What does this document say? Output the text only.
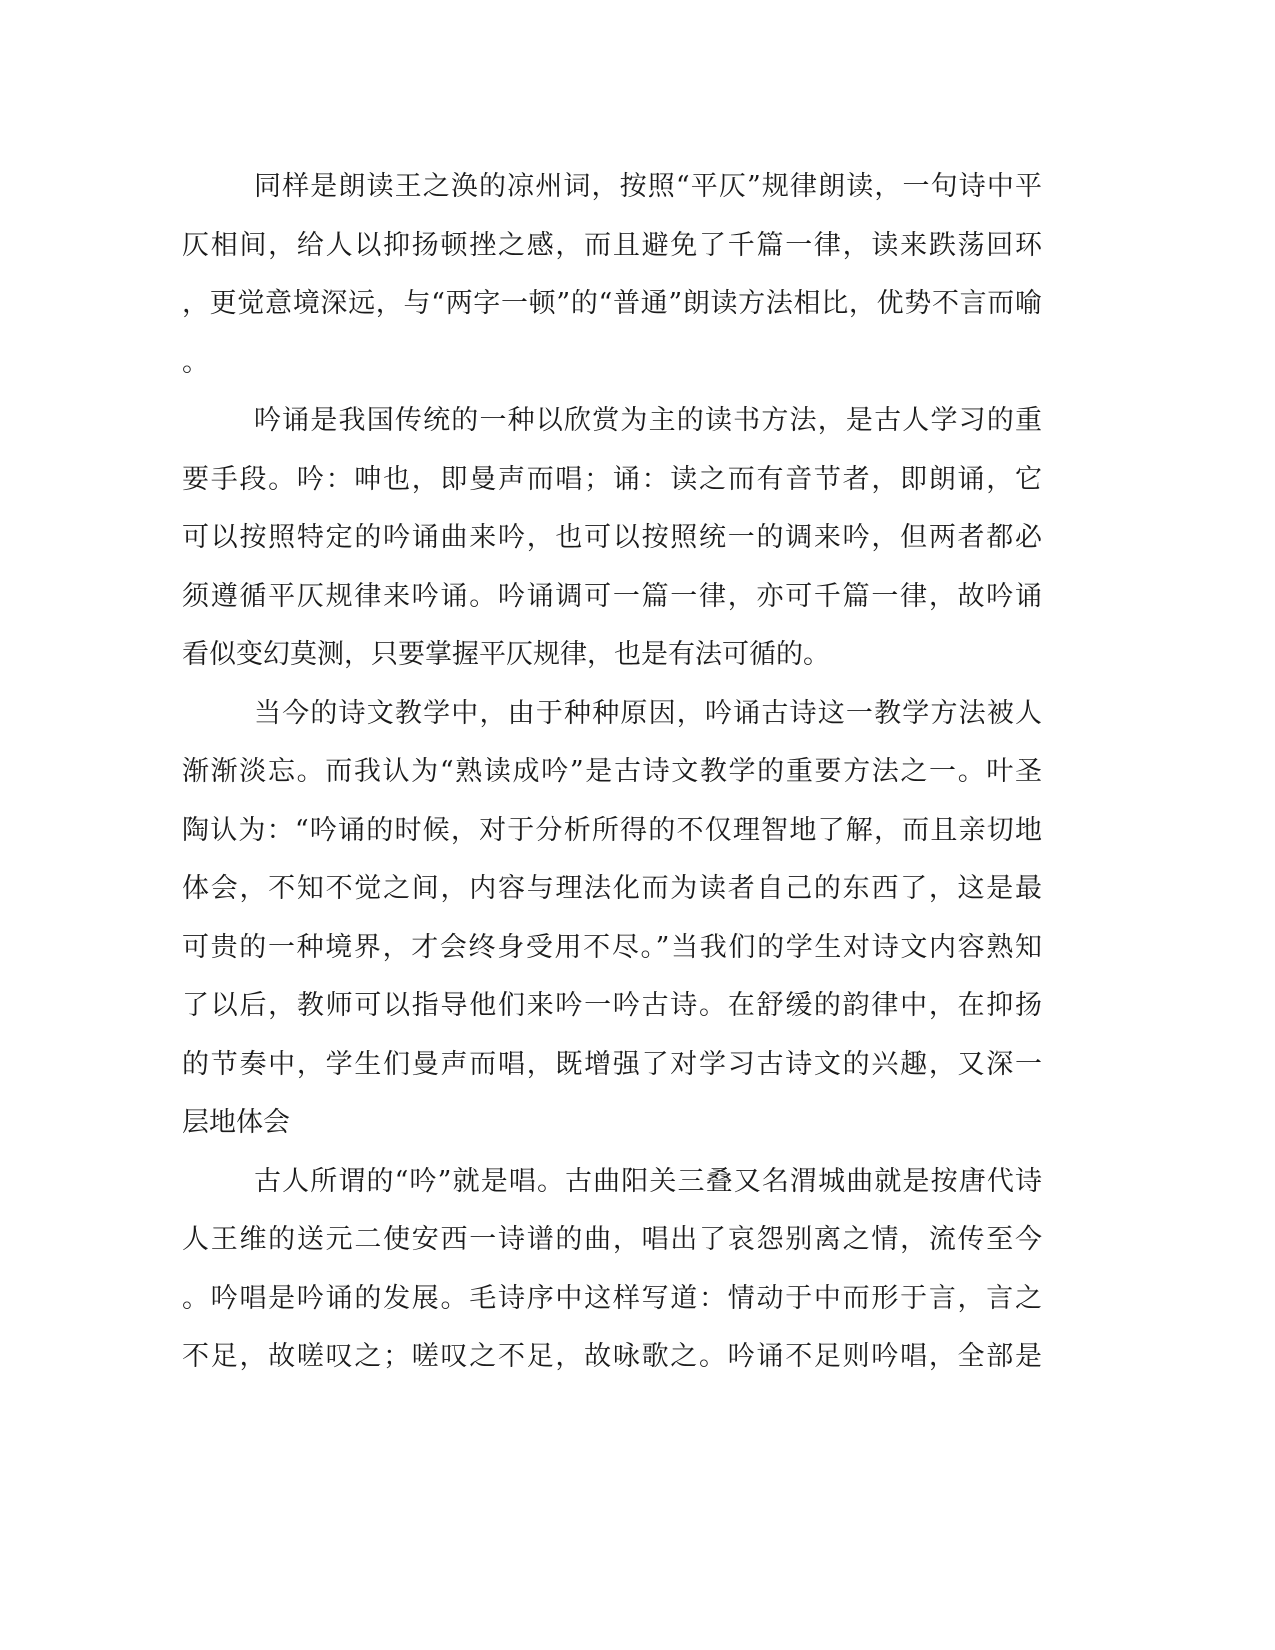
同样是朗读王之涣的凉州词，按照“平仄”规律朗读，一句诗中平
仄相间，给人以抑扬顿挫之感，而且避免了千篇一律，读来跌荡回环
，更觉意境深远，与“两字一顿”的“普通”朗读方法相比，优势不言而喻
。
吟诵是我国传统的一种以欣赏为主的读书方法，是古人学习的重
要手段。吟：呻也，即曼声而唱；诵：读之而有音节者，即朗诵，它
可以按照特定的吟诵曲来吟，也可以按照统一的调来吟，但两者都必
须遵循平仄规律来吟诵。吟诵调可一篇一律，亦可千篇一律，故吟诵
看似变幻莫测，只要掌握平仄规律，也是有法可循的。
当今的诗文教学中，由于种种原因，吟诵古诗这一教学方法被人
渐渐淡忘。而我认为“熟读成吟”是古诗文教学的重要方法之一。叶圣
陶认为：“吟诵的时候，对于分析所得的不仅理智地了解，而且亲切地
体会，不知不觉之间，内容与理法化而为读者自己的东西了，这是最
可贵的一种境界，才会终身受用不尽。”当我们的学生对诗文内容熟知
了以后，教师可以指导他们来吟一吟古诗。在舒缓的韵律中，在抑扬
的节奏中，学生们曼声而唱，既增强了对学习古诗文的兴趣，又深一
层地体会
古人所谓的“吟”就是唱。古曲阳关三叠又名渭城曲就是按唐代诗
人王维的送元二使安西一诗谱的曲，唱出了哀怨别离之情，流传至今
。吟唱是吟诵的发展。毛诗序中这样写道：情动于中而形于言，言之
不足，故嗟叹之；嗟叹之不足，故咏歌之。吟诵不足则吟唱，全部是
